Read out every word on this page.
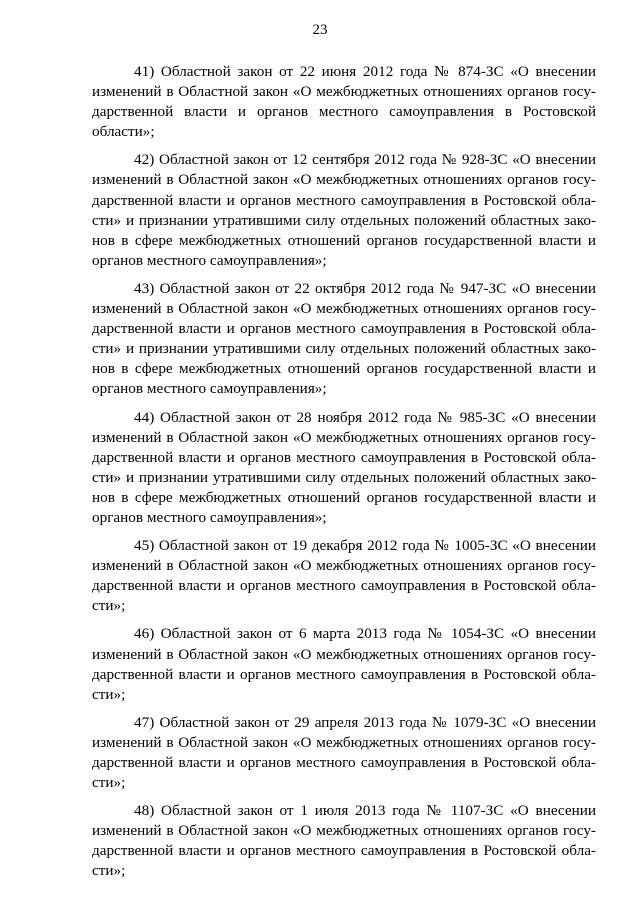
23

41) Областной закон от 22 июня 2012 года № 874-ЗС «О внесении
изменений в Областной закон «О межбюджетных отношениях органов госу-
дарственной власти и органов местного самоуправления в Ростовской
области»;

42) Областной закон от 12 сентября 2012 года № 928-ЗС «О внесении
изменений в Областной закон «О межбюджетных отношениях органов госу-
дарственной власти и органов местного самоуправления в Ростовской обла-
сти» и признании утратившими силу отдельных положений областных зако-
нов в сфере межбюджетных отношений органов государственной власти и
органов местного самоуправления»;

43) Областной закон от 22 октября 2012 года № 947-ЗС «О внесении
изменений в Областной закон «О межбюджетных отношениях органов госу-
дарственной власти и органов местного самоуправления в Ростовской обла-
сти» и признании утратившими силу отдельных положений областных зако-
нов в сфере межбюджетных отношений органов государственной власти и
органов местного самоуправления»;

44) Областной закон от 28 ноября 2012 года № 985-ЗС «О внесении
изменений в Областной закон «О межбюджетных отношениях органов госу-
дарственной власти и органов местного самоуправления в Ростовской обла-
сти» и признании утратившими силу отдельных положений областных зако-
нов в сфере межбюджетных отношений органов государственной власти и
органов местного самоуправления»;

45) Областной закон от 19 декабря 2012 года № 1005-ЗС «О внесении
изменений в Областной закон «О межбюджетных отношениях органов госу-
дарственной власти и органов местного самоуправления в Ростовской обла-
сти»;

46) Областной закон от 6 марта 2013 года № 1054-ЗС «О внесении
изменений в Областной закон «О межбюджетных отношениях органов госу-
дарственной власти и органов местного самоуправления в Ростовской обла-
сти»;

47) Областной закон от 29 апреля 2013 года № 1079-ЗС «О внесении
изменений в Областной закон «О межбюджетных отношениях органов госу-
дарственной власти и органов местного самоуправления в Ростовской обла-
сти»;

48) Областной закон от 1 июля 2013 года № 1107-ЗС «О внесении
изменений в Областной закон «О межбюджетных отношениях органов госу-
дарственной власти и органов местного самоуправления в Ростовской обла-
сти»;
